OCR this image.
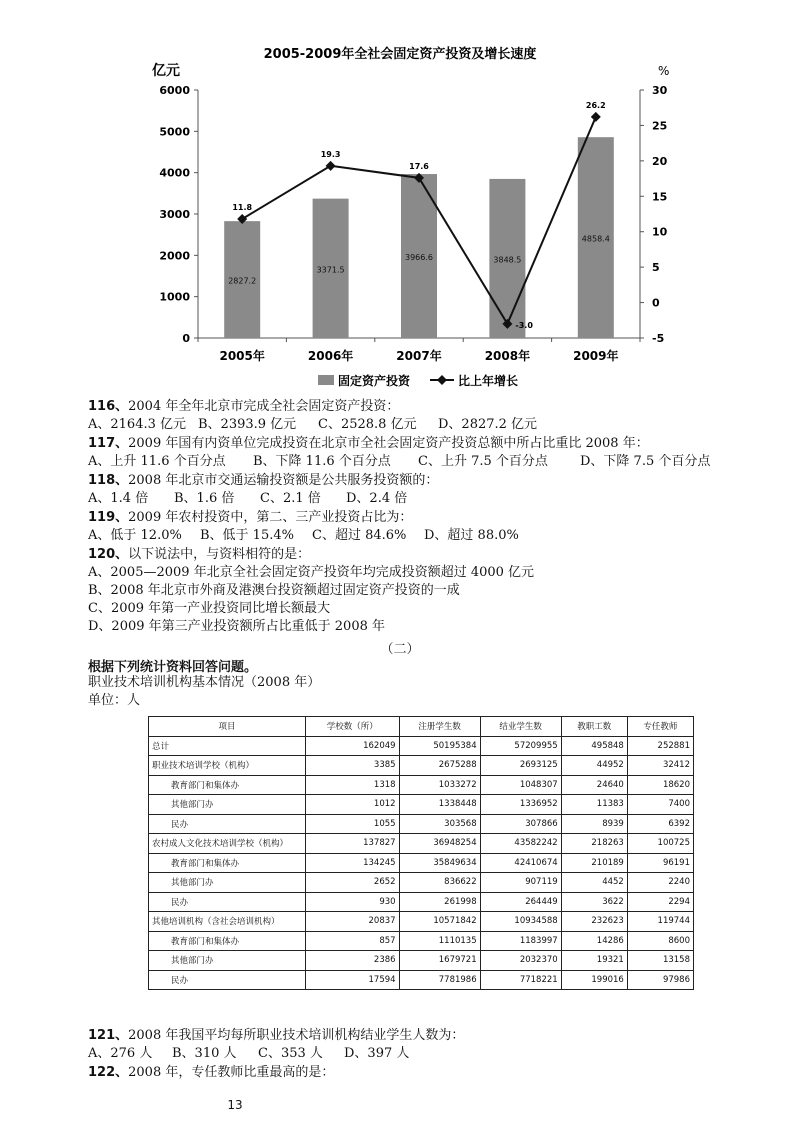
2005-2009年全社会固定资产投资及增长速度
亿元	%
6000
5000
4000
3000
2000
1000
0
30
25
20
15
10
5
0
-5
2827.2
3371.5
3966.6	3848.5
4858.4
2005年	2006年	2007年	2008年	2009年
11.8
19.3
17.6
-3.0
26.2
固定资产投资	比上年增长
116、2004 年全年北京市完成全社会固定资产投资：
A、2164.3 亿元 B、2393.9 亿元 C、2528.8 亿元 D、2827.2 亿元
117、2009 年国有内资单位完成投资在北京市全社会固定资产投资总额中所占比重比 2008 年：
A、上升 11.6 个百分点 B、下降 11.6 个百分点 C、上升 7.5 个百分点 D、下降 7.5 个百分点
118、2008 年北京市交通运输投资额是公共服务投资额的：
A、1.4 倍 B、1.6 倍 C、2.1 倍 D、2.4 倍
119、2009 年农村投资中，第二、三产业投资占比为：
A、低于 12.0% B、低于 15.4% C、超过 84.6% D、超过 88.0%
120、以下说法中，与资料相符的是：
A、2005—2009 年北京全社会固定资产投资年均完成投资额超过 4000 亿元
B、2008 年北京市外商及港澳台投资额超过固定资产投资的一成
C、2009 年第一产业投资同比增长额最大
D、2009 年第三产业投资额所占比重低于 2008 年
（二）
根据下列统计资料回答问题。
职业技术培训机构基本情况（2008 年）
单位：人
项目	学校数（所）	注册学生数	结业学生数	教职工数	专任教师
总计	162049	50195384	57209955	495848	252881
职业技术培训学校（机构）	3385	2675288	2693125	44952	32412
教育部门和集体办	1318	1033272	1048307	24640	18620
其他部门办	1012	1338448	1336952	11383	7400
民办	1055	303568	307866	8939	6392
农村成人文化技术培训学校（机构）	137827	36948254	43582242	218263	100725
教育部门和集体办	134245	35849634	42410674	210189	96191
其他部门办	2652	836622	907119	4452	2240
民办	930	261998	264449	3622	2294
其他培训机构（含社会培训机构）	20837	10571842	10934588	232623	119744
教育部门和集体办	857	1110135	1183997	14286	8600
其他部门办	2386	1679721	2032370	19321	13158
民办	17594	7781986	7718221	199016	97986
121、2008 年我国平均每所职业技术培训机构结业学生人数为：
A、276 人 B、310 人 C、353 人 D、397 人
122、2008 年，专任教师比重最高的是：
13
